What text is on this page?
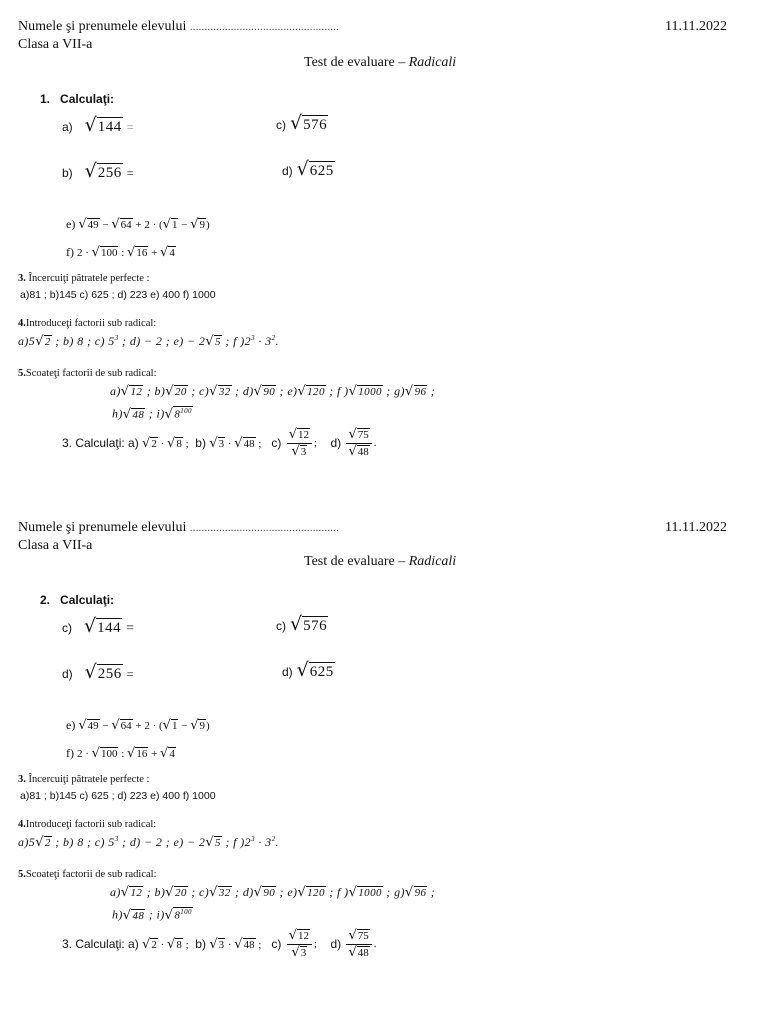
Numele şi prenumele elevului ...................................................	11.11.2022
Clasa a VII-a
Test de evaluare – Radicali
1. Calculaţi:
a) √ 144 =	c) √ 576
b) √ 256 =	d) √ 625
e) √ 49 − √ 64 + 2 · ( √ 1 − √ 9 )
f) 2 · √ 100 : √ 16 + √ 4
3. Încercuiţi pătratele perfecte :
a)81 ; b)145 c) 625 ; d) 223 e) 400 f) 1000
4.Introduceţi factorii sub radical:
a)5 √ 2 ; b) 8 ; c) $5^3$ ; d) − 2 ; e) − 2 √ 5 ; f )$2^3 \cdot 3^2$.
5.Scoateţi factorii de sub radical:
a) √ 12 ; b) √ 20 ; c) √ 32 ; d) √ 90 ; e) √ 120 ; f ) √ 1000 ; g) √ 96 ;
h) √ 48 ; i) √ $8^{100}$
3. Calculaţi: a)
√ 2 · √ 8 ;
b)
√ 3 · √ 48 ;
c)
$\frac{√ 12}{√ 3}$ ;
d)
$\frac{√ 75}{√ 48}$ .
Numele şi prenumele elevului ...................................................	11.11.2022
Clasa a VII-a
Test de evaluare – Radicali
2. Calculaţi:
c) √ 144 =	c) √ 576
d) √ 256 =	d) √ 625
e) √ 49 − √ 64 + 2 · ( √ 1 − √ 9 )
f) 2 · √ 100 : √ 16 + √ 4
3. Încercuiţi pătratele perfecte :
a)81 ; b)145 c) 625 ; d) 223 e) 400 f) 1000
4.Introduceţi factorii sub radical:
a)5 √ 2 ; b) 8 ; c) $5^3$ ; d) − 2 ; e) − 2 √ 5 ; f )$2^3 \cdot 3^2$.
5.Scoateţi factorii de sub radical:
a) √ 12 ; b) √ 20 ; c) √ 32 ; d) √ 90 ; e) √ 120 ; f ) √ 1000 ; g) √ 96 ;
h) √ 48 ; i) √ $8^{100}$
3. Calculaţi: a)
√ 2 · √ 8 ;
b)
√ 3 · √ 48 ;
c)
$\frac{√ 12}{√ 3}$ ;
d)
$\frac{√ 75}{√ 48}$ .
